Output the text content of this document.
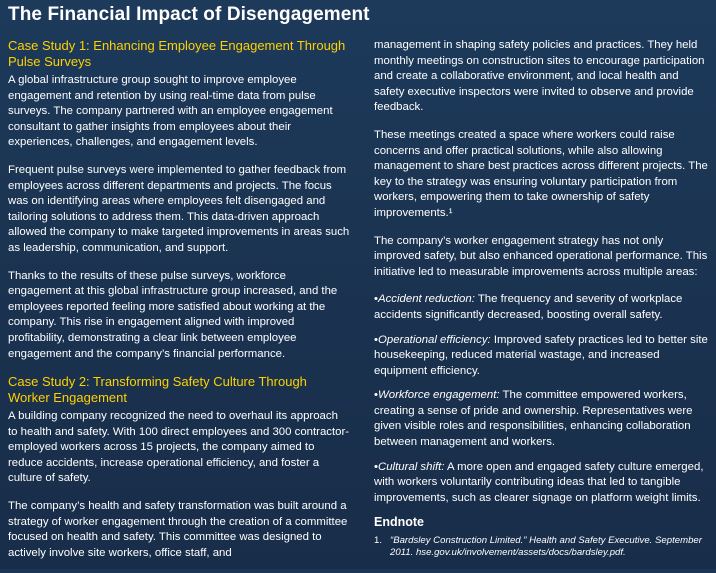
The Financial Impact of Disengagement
Case Study 1: Enhancing Employee Engagement Through Pulse Surveys

A global infrastructure group sought to improve employee engagement and retention by using real-time data from pulse surveys. The company partnered with an employee engagement consultant to gather insights from employees about their experiences, challenges, and engagement levels.

Frequent pulse surveys were implemented to gather feedback from employees across different departments and projects. The focus was on identifying areas where employees felt disengaged and tailoring solutions to address them. This data-driven approach allowed the company to make targeted improvements in areas such as leadership, communication, and support.

Thanks to the results of these pulse surveys, workforce engagement at this global infrastructure group increased, and the employees reported feeling more satisfied about working at the company. This rise in engagement aligned with improved profitability, demonstrating a clear link between employee engagement and the company’s financial performance.

Case Study 2: Transforming Safety Culture Through Worker Engagement

A building company recognized the need to overhaul its approach to health and safety. With 100 direct employees and 300 contractor-employed workers across 15 projects, the company aimed to reduce accidents, increase operational efficiency, and foster a culture of safety.

The company’s health and safety transformation was built around a strategy of worker engagement through the creation of a committee focused on health and safety. This committee was designed to actively involve site workers, office staff, and

management in shaping safety policies and practices. They held monthly meetings on construction sites to encourage participation and create a collaborative environment, and local health and safety executive inspectors were invited to observe and provide feedback.

These meetings created a space where workers could raise concerns and offer practical solutions, while also allowing management to share best practices across different projects. The key to the strategy was ensuring voluntary participation from workers, empowering them to take ownership of safety improvements.¹

The company’s worker engagement strategy has not only improved safety, but also enhanced operational performance. This initiative led to measurable improvements across multiple areas:

•Accident reduction: The frequency and severity of workplace accidents significantly decreased, boosting overall safety.
•Operational efficiency: Improved safety practices led to better site housekeeping, reduced material wastage, and increased equipment efficiency.
•Workforce engagement: The committee empowered workers, creating a sense of pride and ownership. Representatives were given visible roles and responsibilities, enhancing collaboration between management and workers.
•Cultural shift: A more open and engaged safety culture emerged, with workers voluntarily contributing ideas that led to tangible improvements, such as clearer signage on platform weight limits.
Endnote
1. “Bardsley Construction Limited.” Health and Safety Executive. September 2011. hse.gov.uk/involvement/assets/docs/bardsley.pdf.
